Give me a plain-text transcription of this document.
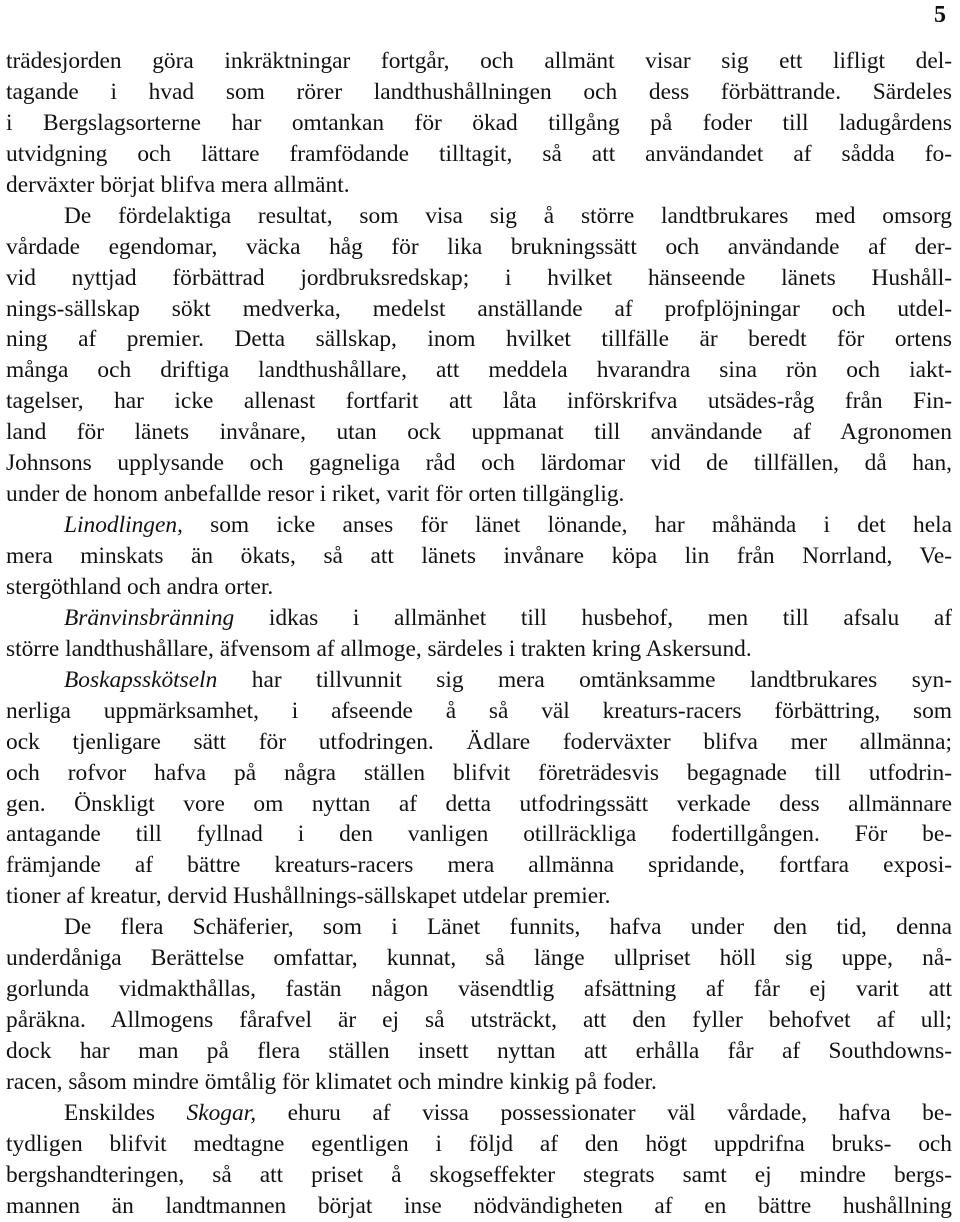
5
trädesjorden göra inkräktningar fortgår, och allmänt visar sig ett lifligt del-
tagande i hvad som rörer landthushållningen och dess förbättrande. Särdeles
i Bergslagsorterne har omtankan för ökad tillgång på foder till ladugårdens
utvidgning och lättare framfödande tilltagit, så att användandet af sådda fo-
derväxter börjat blifva mera allmänt.
De fördelaktiga resultat, som visa sig å större landtbrukares med omsorg
vårdade egendomar, väcka håg för lika brukningssätt och användande af der-
vid nyttjad förbättrad jordbruksredskap; i hvilket hänseende länets Hushåll-
nings-sällskap sökt medverka, medelst anställande af profplöjningar och utdel-
ning af premier. Detta sällskap, inom hvilket tillfälle är beredt för ortens
många och driftiga landthushållare, att meddela hvarandra sina rön och iakt-
tagelser, har icke allenast fortfarit att låta införskrifva utsädes-råg från Fin-
land för länets invånare, utan ock uppmanat till användande af Agronomen
Johnsons upplysande och gagneliga råd och lärdomar vid de tillfällen, då han,
under de honom anbefallde resor i riket, varit för orten tillgänglig.
Linodlingen, som icke anses för länet lönande, har måhända i det hela
mera minskats än ökats, så att länets invånare köpa lin från Norrland, Ve-
stergöthland och andra orter.
Bränvinsbränning idkas i allmänhet till husbehof, men till afsalu af
större landthushållare, äfvensom af allmoge, särdeles i trakten kring Askersund.
Boskapsskötseln har tillvunnit sig mera omtänksamme landtbrukares syn-
nerliga uppmärksamhet, i afseende å så väl kreaturs-racers förbättring, som
ock tjenligare sätt för utfodringen. Ädlare foderväxter blifva mer allmänna;
och rofvor hafva på några ställen blifvit företrädesvis begagnade till utfodrin-
gen. Önskligt vore om nyttan af detta utfodringssätt verkade dess allmännare
antagande till fyllnad i den vanligen otillräckliga fodertillgången. För be-
främjande af bättre kreaturs-racers mera allmänna spridande, fortfara exposi-
tioner af kreatur, dervid Hushållnings-sällskapet utdelar premier.
De flera Schäferier, som i Länet funnits, hafva under den tid, denna
underdåniga Berättelse omfattar, kunnat, så länge ullpriset höll sig uppe, nå-
gorlunda vidmakthållas, fastän någon väsendtlig afsättning af får ej varit att
påräkna. Allmogens fårafvel är ej så utsträckt, att den fyller behofvet af ull;
dock har man på flera ställen insett nyttan att erhålla får af Southdowns-
racen, såsom mindre ömtålig för klimatet och mindre kinkig på foder.
Enskildes Skogar, ehuru af vissa possessionater väl vårdade, hafva be-
tydligen blifvit medtagne egentligen i följd af den högt uppdrifna bruks- och
bergshandteringen, så att priset å skogseffekter stegrats samt ej mindre bergs-
mannen än landtmannen börjat inse nödvändigheten af en bättre hushållning
